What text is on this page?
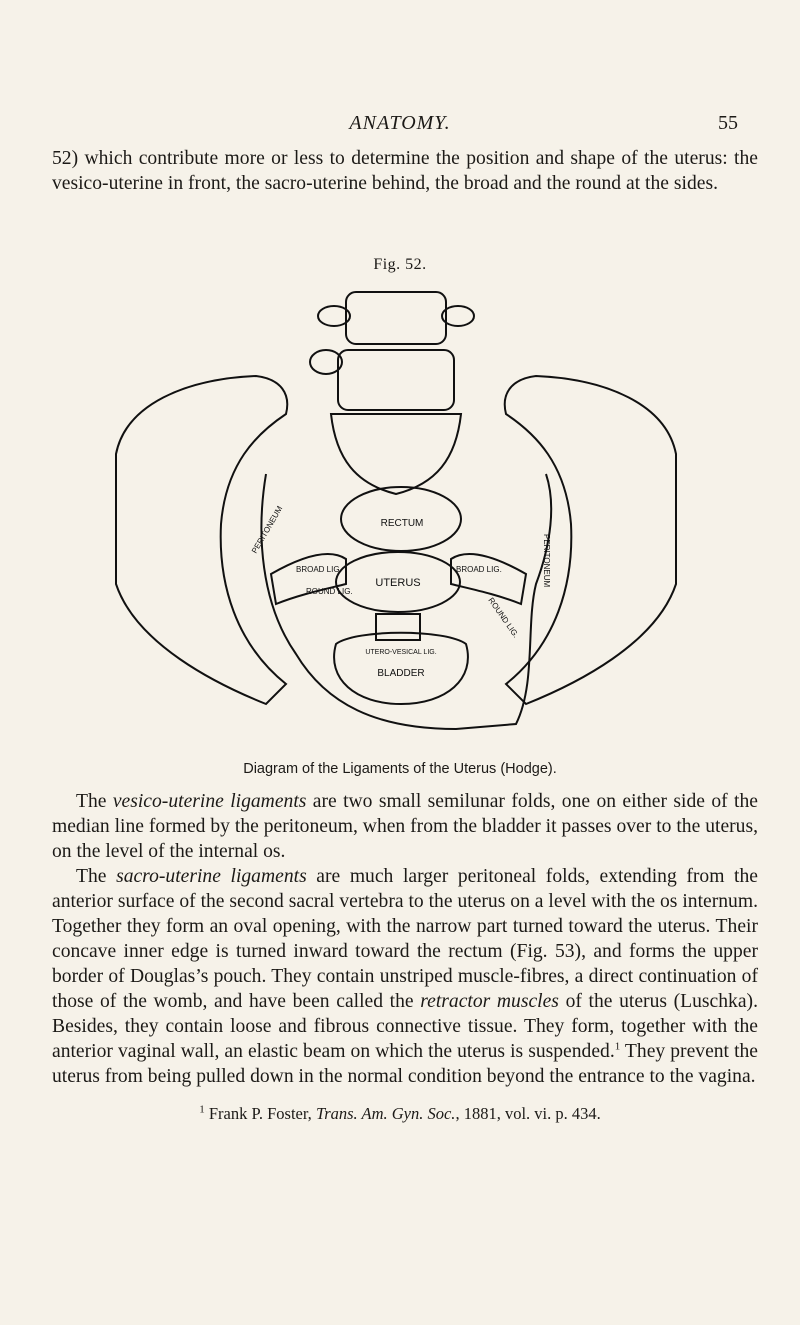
ANATOMY.	55

52) which contribute more or less to determine the position and shape of the uterus: the vesico-uterine in front, the sacro-uterine behind, the broad and the round at the sides.

Fig. 52.
RECTUM
UTERUS
BLADDER
BROAD LIG.	BROAD LIG.
ROUND LIG.
ROUND LIG.
UTERO-VESICAL LIG.
PERITONEUM
PERITONEUM
Diagram of the Ligaments of the Uterus (Hodge).

The vesico-uterine ligaments are two small semilunar folds, one on either side of the median line formed by the peritoneum, when from the bladder it passes over to the uterus, on the level of the internal os.

The sacro-uterine ligaments are much larger peritoneal folds, extending from the anterior surface of the second sacral vertebra to the uterus on a level with the os internum. Together they form an oval opening, with the narrow part turned toward the uterus. Their concave inner edge is turned inward toward the rectum (Fig. 53), and forms the upper border of Douglas’s pouch. They contain unstriped muscle-fibres, a direct continuation of those of the womb, and have been called the retractor muscles of the uterus (Luschka). Besides, they contain loose and fibrous connective tissue. They form, together with the anterior vaginal wall, an elastic beam on which the uterus is suspended.$^1$ They prevent the uterus from being pulled down in the normal condition beyond the entrance to the vagina.

$^1$ Frank P. Foster, Trans. Am. Gyn. Soc., 1881, vol. vi. p. 434.
